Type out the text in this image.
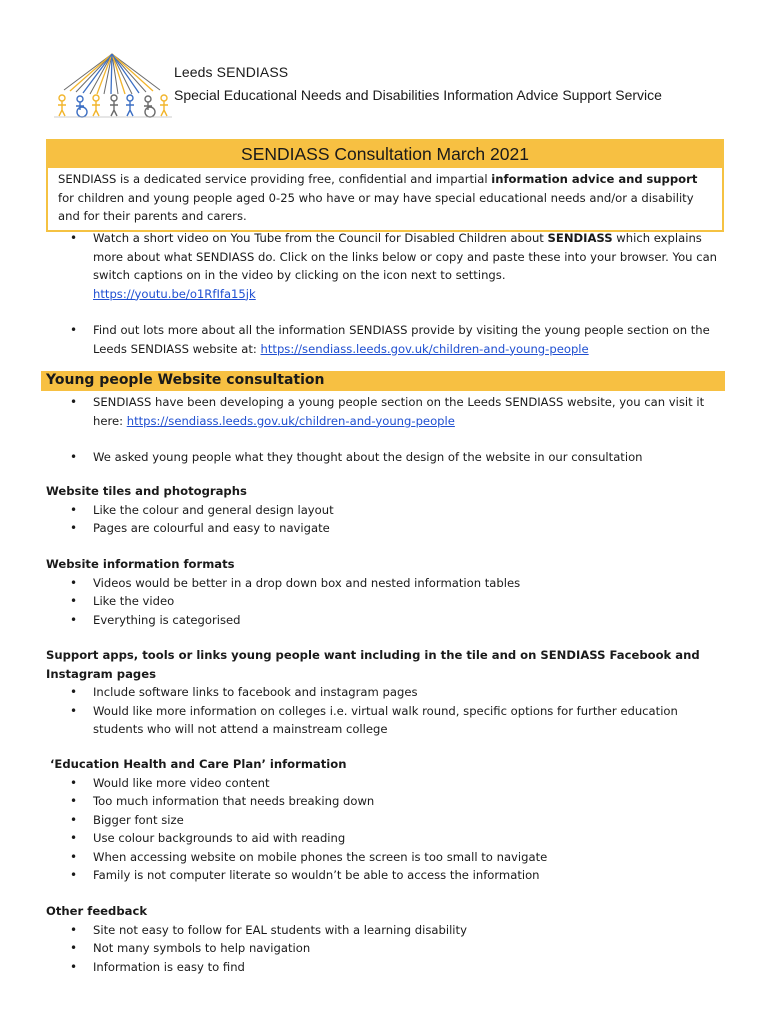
Leeds SENDIASS
Special Educational Needs and Disabilities Information Advice Support Service
SENDIASS Consultation March 2021
SENDIASS is a dedicated service providing free, confidential and impartial information advice and support for children and young people aged 0-25 who have or may have special educational needs and/or a disability and for their parents and carers.
• Watch a short video on You Tube from the Council for Disabled Children about SENDIASS which explains more about what SENDIASS do. Click on the links below or copy and paste these into your browser. You can switch captions on in the video by clicking on the icon next to settings.
https://youtu.be/o1RfIfa15jk
• Find out lots more about all the information SENDIASS provide by visiting the young people section on the Leeds SENDIASS website at: https://sendiass.leeds.gov.uk/children-and-young-people
Young people Website consultation
• SENDIASS have been developing a young people section on the Leeds SENDIASS website, you can visit it here: https://sendiass.leeds.gov.uk/children-and-young-people
• We asked young people what they thought about the design of the website in our consultation
Website tiles and photographs
• Like the colour and general design layout
• Pages are colourful and easy to navigate
Website information formats
• Videos would be better in a drop down box and nested information tables
• Like the video
• Everything is categorised
Support apps, tools or links young people want including in the tile and on SENDIASS Facebook and Instagram pages
• Include software links to facebook and instagram pages
• Would like more information on colleges i.e. virtual walk round, specific options for further education students who will not attend a mainstream college
‘Education Health and Care Plan’ information
• Would like more video content
• Too much information that needs breaking down
• Bigger font size
• Use colour backgrounds to aid with reading
• When accessing website on mobile phones the screen is too small to navigate
• Family is not computer literate so wouldn’t be able to access the information
Other feedback
• Site not easy to follow for EAL students with a learning disability
• Not many symbols to help navigation
• Information is easy to find
